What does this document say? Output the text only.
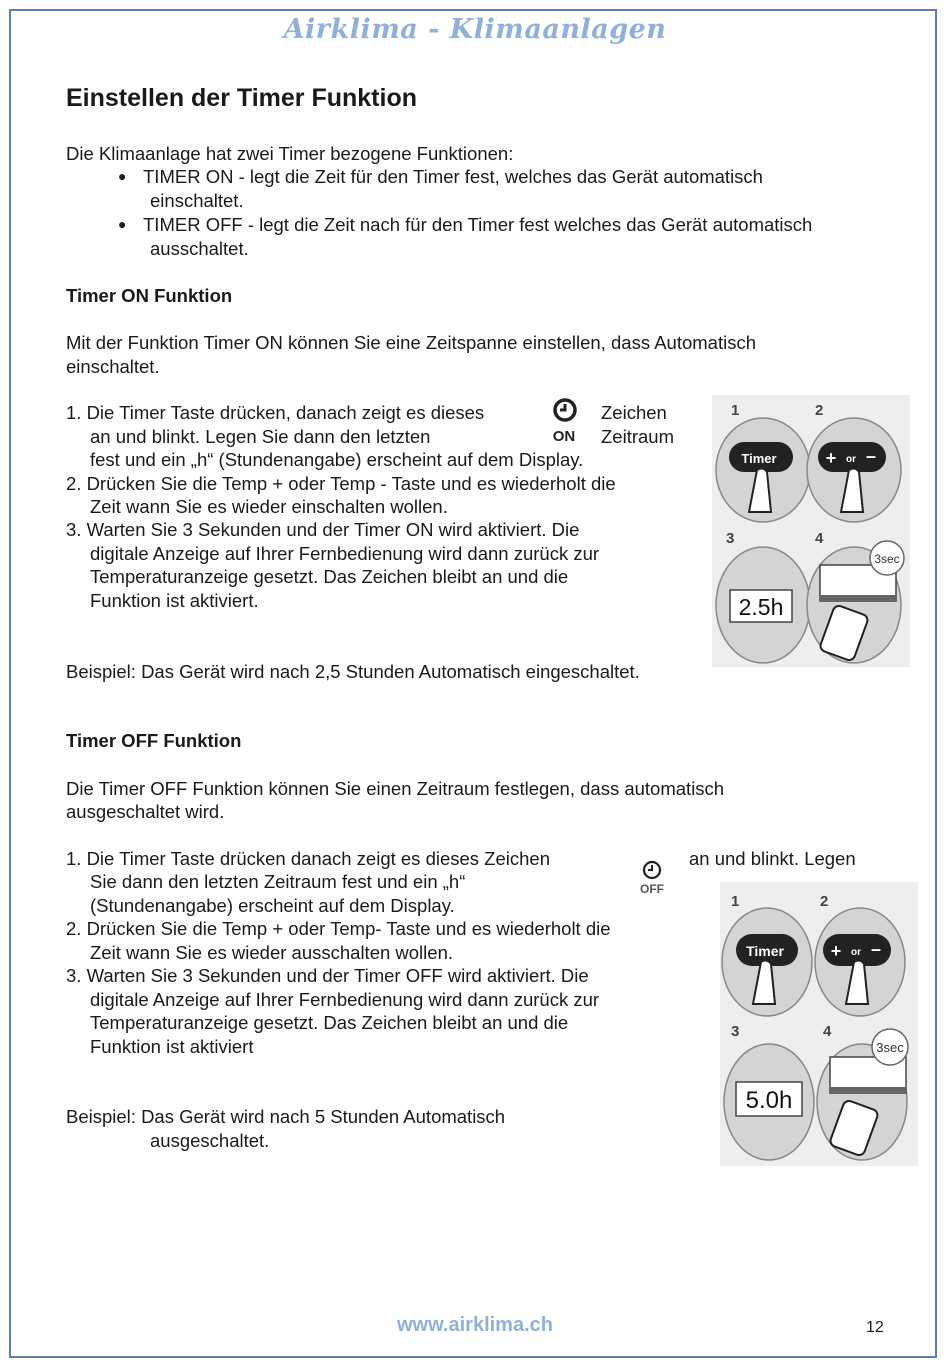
Airklima - Klimaanlagen
Einstellen der Timer Funktion
Die Klimaanlage hat zwei Timer bezogene Funktionen:
● TIMER ON - legt die Zeit für den Timer fest, welches das Gerät automatisch
einschaltet.
● TIMER OFF - legt die Zeit nach für den Timer fest welches das Gerät automatisch
ausschaltet.
Timer ON Funktion
Mit der Funktion Timer ON können Sie eine Zeitspanne einstellen, dass Automatisch
einschaltet.
1. Die Timer Taste drücken, danach zeigt es dieses	Zeichen
an und blinkt. Legen Sie dann den letzten	Zeitraum
fest und ein „h“ (Stundenangabe) erscheint auf dem Display.
2. Drücken Sie die Temp + oder Temp - Taste und es wiederholt die
Zeit wann Sie es wieder einschalten wollen.
3. Warten Sie 3 Sekunden und der Timer ON wird aktiviert. Die
digitale Anzeige auf Ihrer Fernbedienung wird dann zurück zur
Temperaturanzeige gesetzt. Das Zeichen bleibt an und die
Funktion ist aktiviert.
Beispiel: Das Gerät wird nach 2,5 Stunden Automatisch eingeschaltet.
ON
1	2
Timer	+ or –
3	4
2.5h
3sec
Timer OFF Funktion
Die Timer OFF Funktion können Sie einen Zeitraum festlegen, dass automatisch
ausgeschaltet wird.
1. Die Timer Taste drücken danach zeigt es dieses Zeichen	an und blinkt. Legen
Sie dann den letzten Zeitraum fest und ein „h“
(Stundenangabe) erscheint auf dem Display.
2. Drücken Sie die Temp + oder Temp- Taste und es wiederholt die
Zeit wann Sie es wieder ausschalten wollen.
3. Warten Sie 3 Sekunden und der Timer OFF wird aktiviert. Die
digitale Anzeige auf Ihrer Fernbedienung wird dann zurück zur
Temperaturanzeige gesetzt. Das Zeichen bleibt an und die
Funktion ist aktiviert
Beispiel: Das Gerät wird nach 5 Stunden Automatisch
ausgeschaltet.
OFF
1	2
Timer	+ or –
3	4
5.0h
3sec
www.airklima.ch	12
